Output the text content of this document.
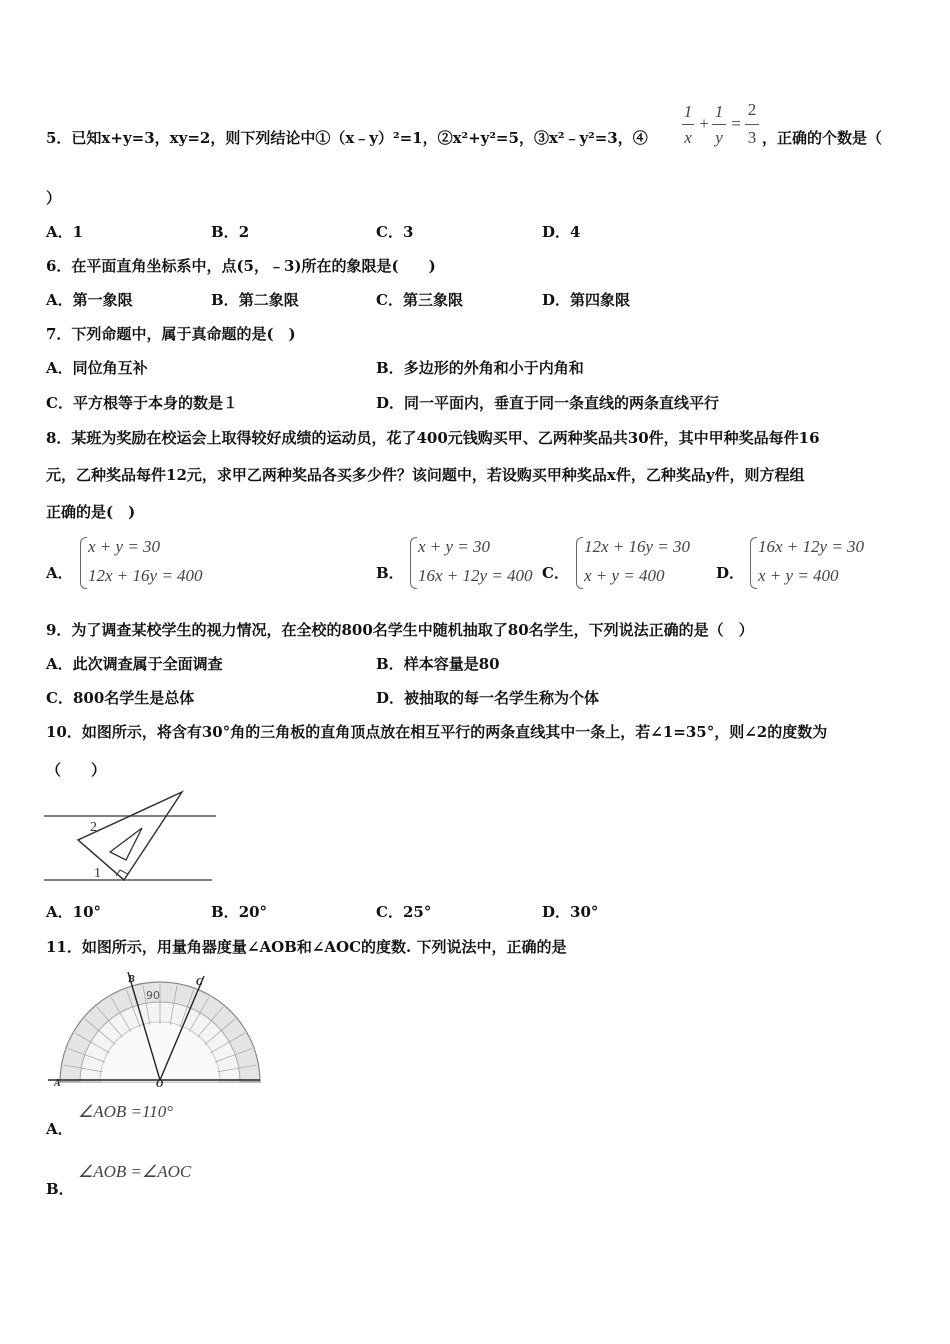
5．已知x+y=3，xy=2，则下列结论中①（x﹣y）²=1，②x²+y²=5，③x²﹣y²=3，④
1
x
+
1
y
=
2
3 ，正确的个数是（
）
A．1	B．2	C．3	D．4
6．在平面直角坐标系中，点(5，﹣3)所在的象限是(　　)
A．第一象限	B．第二象限	C．第三象限	D．第四象限
7．下列命题中，属于真命题的是(　)
A．同位角互补	B．多边形的外角和小于内角和
C．平方根等于本身的数是１	D．同一平面内，垂直于同一条直线的两条直线平行
8．某班为奖励在校运会上取得较好成绩的运动员，花了400元钱购买甲、乙两种奖品共30件，其中甲种奖品每件16
元，乙种奖品每件12元，求甲乙两种奖品各买多少件？该问题中，若设购买甲种奖品x件，乙种奖品y件，则方程组
正确的是(　)
A．
x + y = 30
12x + 16y = 400	B．
x + y = 30
16x + 12y = 400 C．
12x + 16y = 30
x + y = 400	D．
16x + 12y = 30
x + y = 400
9．为了调查某校学生的视力情况，在全校的800名学生中随机抽取了80名学生，下列说法正确的是（　）
A．此次调查属于全面调查	B．样本容量是80
C．800名学生是总体	D．被抽取的每一名学生称为个体
10．如图所示，将含有30°角的三角板的直角顶点放在相互平行的两条直线其中一条上，若∠1=35°，则∠2的度数为
（　　）
2
1
A．10°	B．20°	C．25°	D．30°
11．如图所示，用量角器度量∠AOB和∠AOC的度数. 下列说法中，正确的是
90
A	O
B	C
A．
∠AOB =110°
B．
∠AOB =∠AOC
